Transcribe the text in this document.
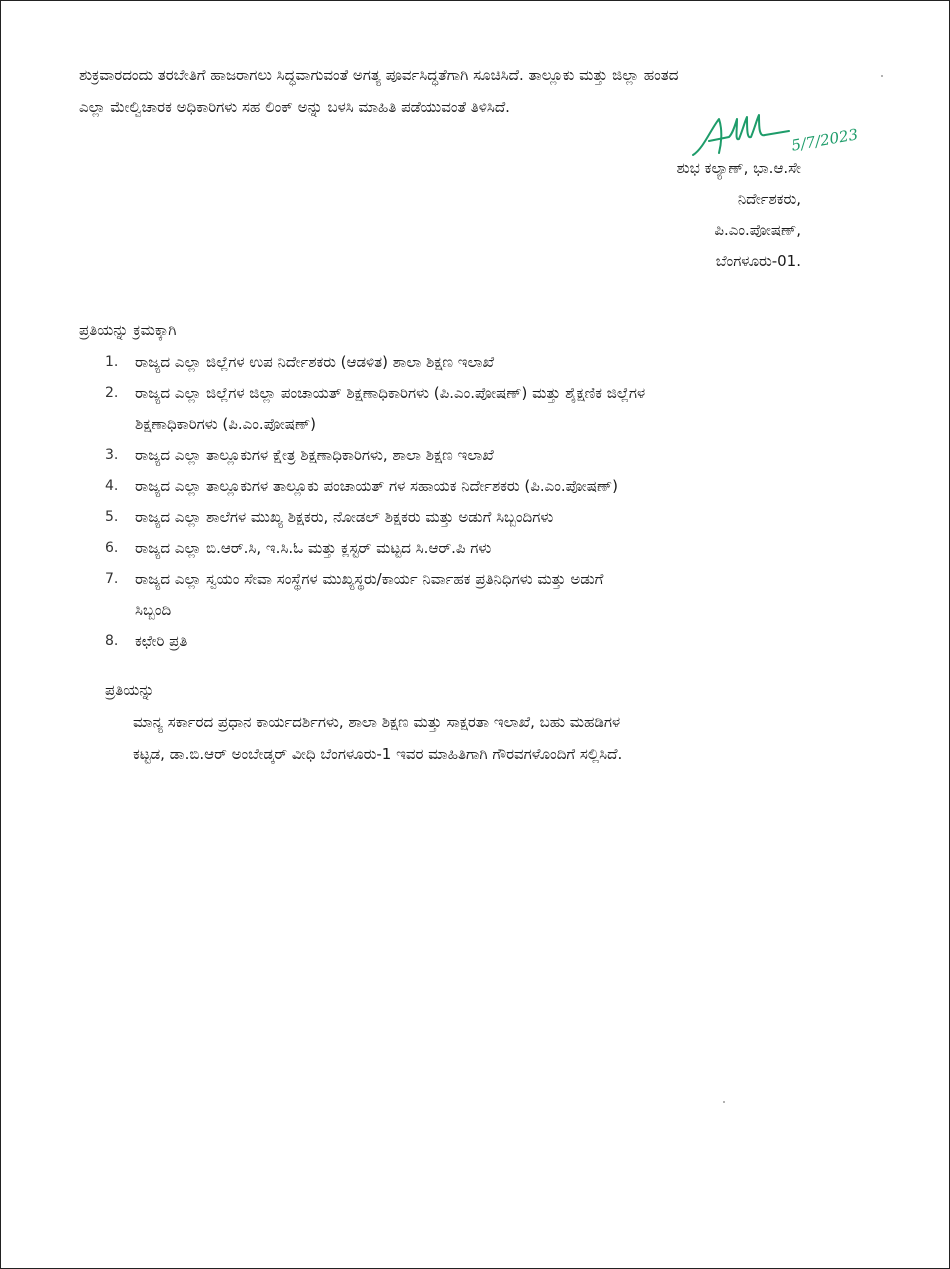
ಶುಕ್ರವಾರದಂದು ತರಬೇತಿಗೆ ಹಾಜರಾಗಲು ಸಿದ್ಧವಾಗುವಂತೆ ಅಗತ್ಯ ಪೂರ್ವಸಿದ್ಧತೆಗಾಗಿ ಸೂಚಿಸಿದೆ. ತಾಲ್ಲೂಕು ಮತ್ತು ಜಿಲ್ಲಾ ಹಂತದ

ಎಲ್ಲಾ ಮೇಲ್ವಿಚಾರಕ ಅಧಿಕಾರಿಗಳು ಸಹ ಲಿಂಕ್ ಅನ್ನು ಬಳಸಿ ಮಾಹಿತಿ ಪಡೆಯುವಂತೆ ತಿಳಿಸಿದೆ.

5/7/2023
ಶುಭ ಕಲ್ಯಾಣ್, ಭಾ.ಆ.ಸೇ
ನಿರ್ದೇಶಕರು,
ಪಿ.ಎಂ.ಪೋಷಣ್,
ಬೆಂಗಳೂರು-01.

ಪ್ರತಿಯನ್ನು ಕ್ರಮಕ್ಕಾಗಿ

1. ರಾಜ್ಯದ ಎಲ್ಲಾ ಜಿಲ್ಲೆಗಳ ಉಪ ನಿರ್ದೇಶಕರು (ಆಡಳಿತ) ಶಾಲಾ ಶಿಕ್ಷಣ ಇಲಾಖೆ
2. ರಾಜ್ಯದ ಎಲ್ಲಾ ಜಿಲ್ಲೆಗಳ ಜಿಲ್ಲಾ ಪಂಚಾಯತ್ ಶಿಕ್ಷಣಾಧಿಕಾರಿಗಳು (ಪಿ.ಎಂ.ಪೋಷಣ್) ಮತ್ತು ಶೈಕ್ಷಣಿಕ ಜಿಲ್ಲೆಗಳ
ಶಿಕ್ಷಣಾಧಿಕಾರಿಗಳು (ಪಿ.ಎಂ.ಪೋಷಣ್)
3. ರಾಜ್ಯದ ಎಲ್ಲಾ ತಾಲ್ಲೂಕುಗಳ ಕ್ಷೇತ್ರ ಶಿಕ್ಷಣಾಧಿಕಾರಿಗಳು, ಶಾಲಾ ಶಿಕ್ಷಣ ಇಲಾಖೆ
4. ರಾಜ್ಯದ ಎಲ್ಲಾ ತಾಲ್ಲೂಕುಗಳ ತಾಲ್ಲೂಕು ಪಂಚಾಯತ್ ಗಳ ಸಹಾಯಕ ನಿರ್ದೇಶಕರು (ಪಿ.ಎಂ.ಪೋಷಣ್)
5. ರಾಜ್ಯದ ಎಲ್ಲಾ ಶಾಲೆಗಳ ಮುಖ್ಯ ಶಿಕ್ಷಕರು, ನೋಡಲ್ ಶಿಕ್ಷಕರು ಮತ್ತು ಅಡುಗೆ ಸಿಬ್ಬಂದಿಗಳು
6. ರಾಜ್ಯದ ಎಲ್ಲಾ ಬಿ.ಆರ್.ಸಿ, ಇ.ಸಿ.ಓ ಮತ್ತು ಕ್ಲಸ್ಟರ್ ಮಟ್ಟದ ಸಿ.ಆರ್.ಪಿ ಗಳು
7. ರಾಜ್ಯದ ಎಲ್ಲಾ ಸ್ವಯಂ ಸೇವಾ ಸಂಸ್ಥೆಗಳ ಮುಖ್ಯಸ್ಥರು/ಕಾರ್ಯ ನಿರ್ವಾಹಕ ಪ್ರತಿನಿಧಿಗಳು ಮತ್ತು ಅಡುಗೆ
ಸಿಬ್ಬಂದಿ
8. ಕಛೇರಿ ಪ್ರತಿ

ಪ್ರತಿಯನ್ನು

ಮಾನ್ಯ ಸರ್ಕಾರದ ಪ್ರಧಾನ ಕಾರ್ಯದರ್ಶಿಗಳು, ಶಾಲಾ ಶಿಕ್ಷಣ ಮತ್ತು ಸಾಕ್ಷರತಾ ಇಲಾಖೆ, ಬಹು ಮಹಡಿಗಳ
ಕಟ್ಟಡ, ಡಾ.ಬಿ.ಆರ್ ಅಂಬೇಡ್ಕರ್ ವೀಧಿ ಬೆಂಗಳೂರು-1 ಇವರ ಮಾಹಿತಿಗಾಗಿ ಗೌರವಗಳೊಂದಿಗೆ ಸಲ್ಲಿಸಿದೆ.
